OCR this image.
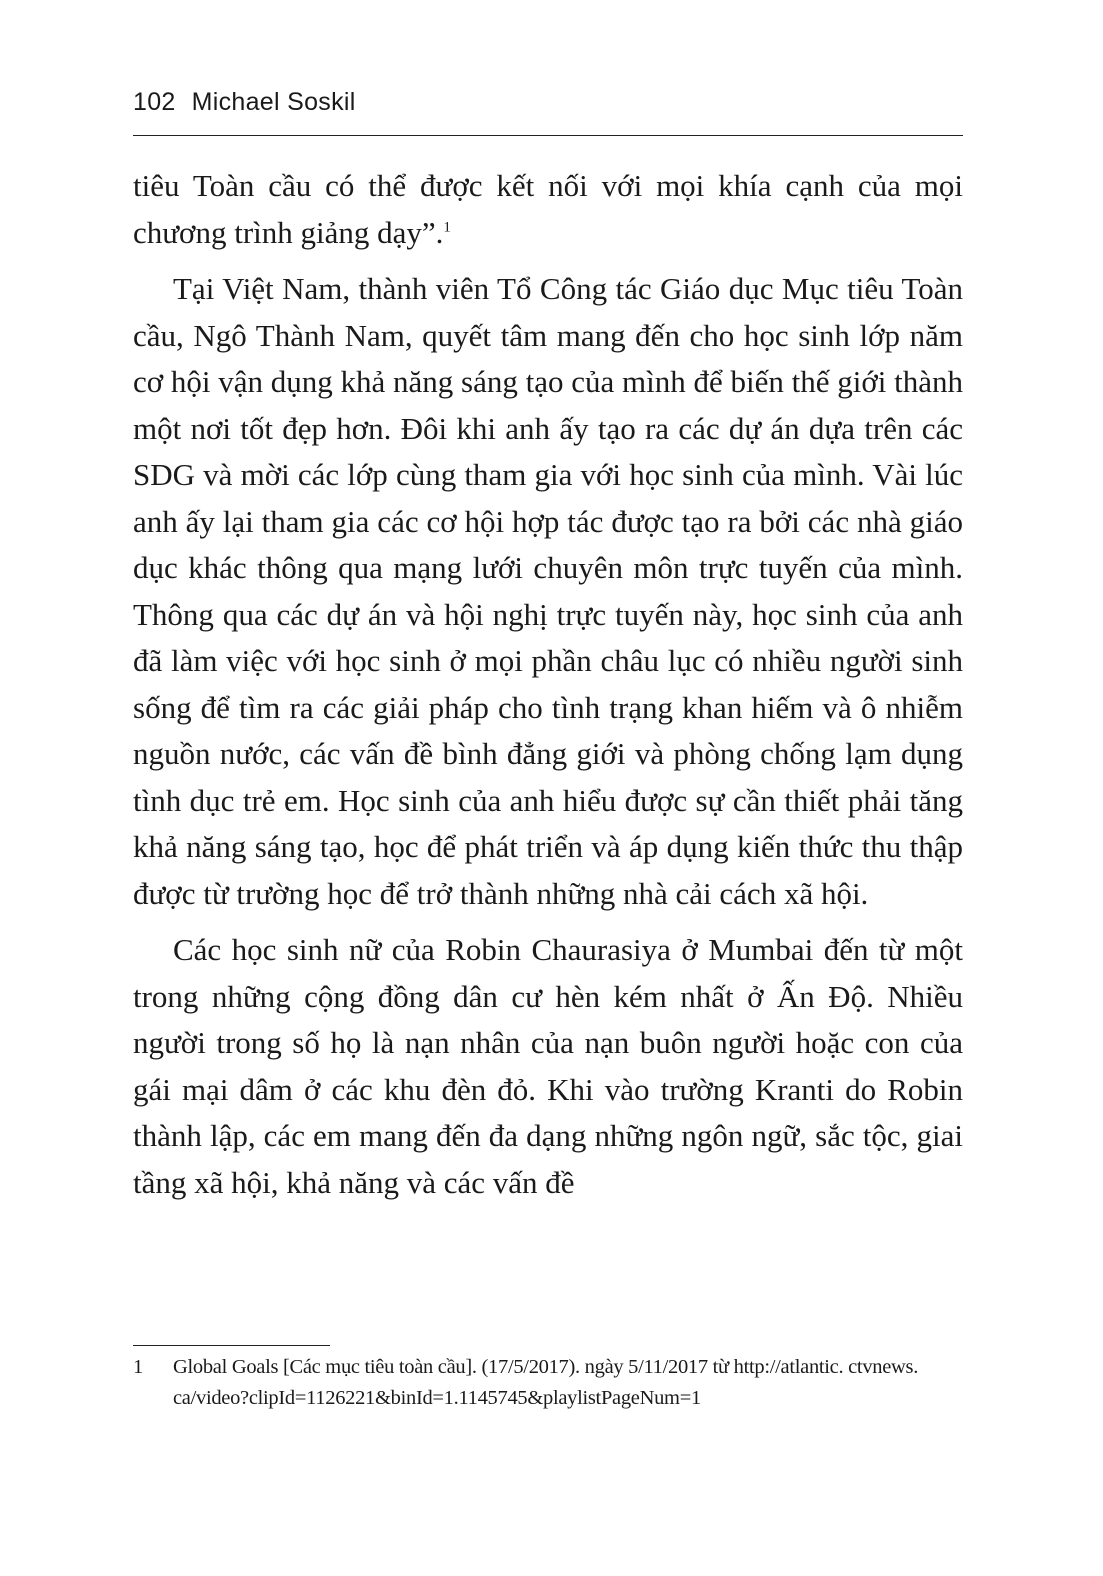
102 Michael Soskil

tiêu Toàn cầu có thể được kết nối với mọi khía cạnh của mọi chương trình giảng dạy”.$^1$

Tại Việt Nam, thành viên Tổ Công tác Giáo dục Mục tiêu Toàn cầu, Ngô Thành Nam, quyết tâm mang đến cho học sinh lớp năm cơ hội vận dụng khả năng sáng tạo của mình để biến thế giới thành một nơi tốt đẹp hơn. Đôi khi anh ấy tạo ra các dự án dựa trên các SDG và mời các lớp cùng tham gia với học sinh của mình. Vài lúc anh ấy lại tham gia các cơ hội hợp tác được tạo ra bởi các nhà giáo dục khác thông qua mạng lưới chuyên môn trực tuyến của mình. Thông qua các dự án và hội nghị trực tuyến này, học sinh của anh đã làm việc với học sinh ở mọi phần châu lục có nhiều người sinh sống để tìm ra các giải pháp cho tình trạng khan hiếm và ô nhiễm nguồn nước, các vấn đề bình đẳng giới và phòng chống lạm dụng tình dục trẻ em. Học sinh của anh hiểu được sự cần thiết phải tăng khả năng sáng tạo, học để phát triển và áp dụng kiến thức thu thập được từ trường học để trở thành những nhà cải cách xã hội.

Các học sinh nữ của Robin Chaurasiya ở Mumbai đến từ một trong những cộng đồng dân cư hèn kém nhất ở Ấn Độ. Nhiều người trong số họ là nạn nhân của nạn buôn người hoặc con của gái mại dâm ở các khu đèn đỏ. Khi vào trường Kranti do Robin thành lập, các em mang đến đa dạng những ngôn ngữ, sắc tộc, giai tầng xã hội, khả năng và các vấn đề

1	Global Goals [Các mục tiêu toàn cầu]. (17/5/2017). ngày 5/11/2017 từ http://atlantic. ctvnews. ca/video?clipId=1126221&binId=1.1145745&playlistPageNum=1
